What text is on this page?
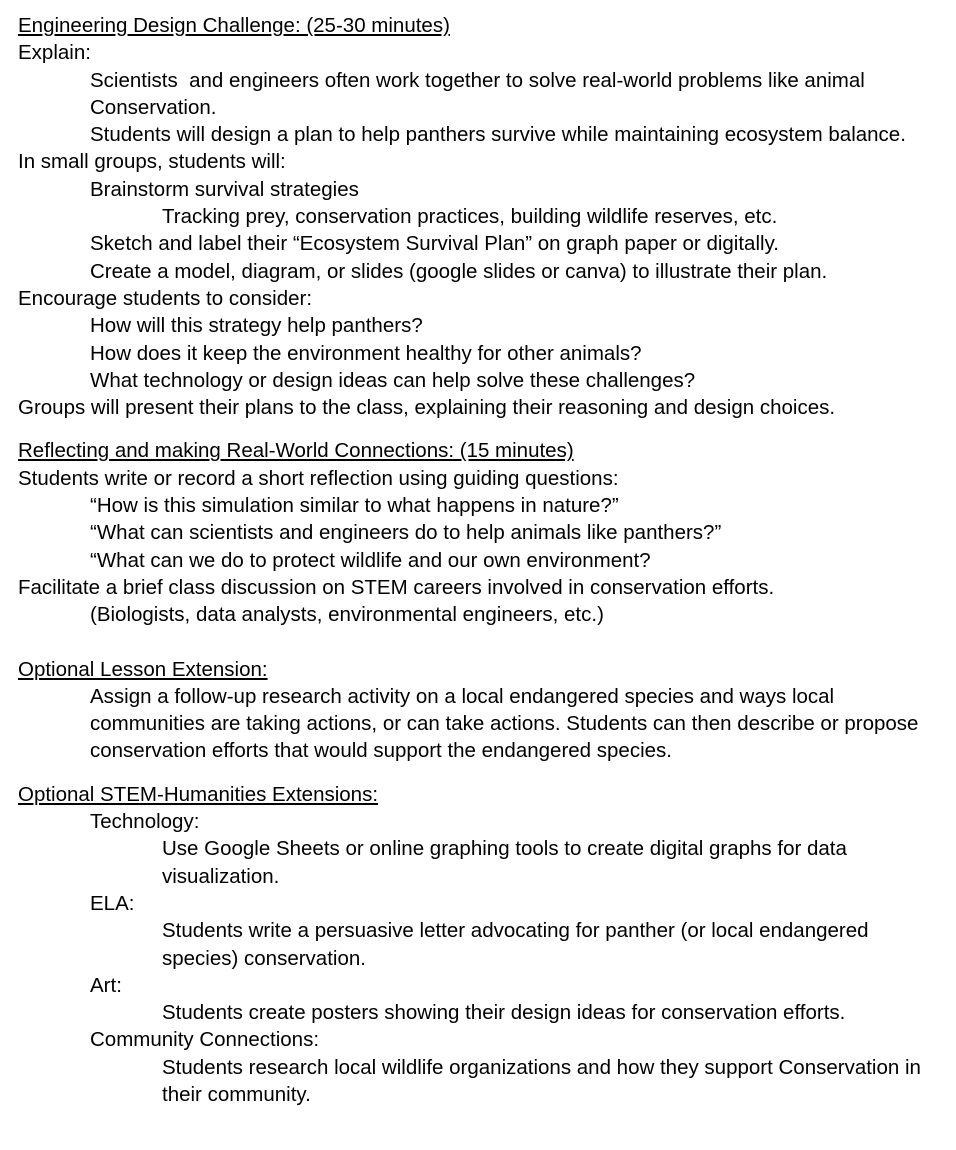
Engineering Design Challenge: (25-30 minutes)
Explain:
Scientists  and engineers often work together to solve real-world problems like animal Conservation.
Students will design a plan to help panthers survive while maintaining ecosystem balance.
In small groups, students will:
Brainstorm survival strategies
Tracking prey, conservation practices, building wildlife reserves, etc.
Sketch and label their “Ecosystem Survival Plan” on graph paper or digitally.
Create a model, diagram, or slides (google slides or canva) to illustrate their plan.
Encourage students to consider:
How will this strategy help panthers?
How does it keep the environment healthy for other animals?
What technology or design ideas can help solve these challenges?
Groups will present their plans to the class, explaining their reasoning and design choices.
Reflecting and making Real-World Connections: (15 minutes)
Students write or record a short reflection using guiding questions:
“How is this simulation similar to what happens in nature?”
“What can scientists and engineers do to help animals like panthers?”
“What can we do to protect wildlife and our own environment?
Facilitate a brief class discussion on STEM careers involved in conservation efforts.
(Biologists, data analysts, environmental engineers, etc.)
Optional Lesson Extension:
Assign a follow-up research activity on a local endangered species and ways local communities are taking actions, or can take actions. Students can then describe or propose conservation efforts that would support the endangered species.
Optional STEM-Humanities Extensions:
Technology:
Use Google Sheets or online graphing tools to create digital graphs for data visualization.
ELA:
Students write a persuasive letter advocating for panther (or local endangered species) conservation.
Art:
Students create posters showing their design ideas for conservation efforts.
Community Connections:
Students research local wildlife organizations and how they support Conservation in their community.
